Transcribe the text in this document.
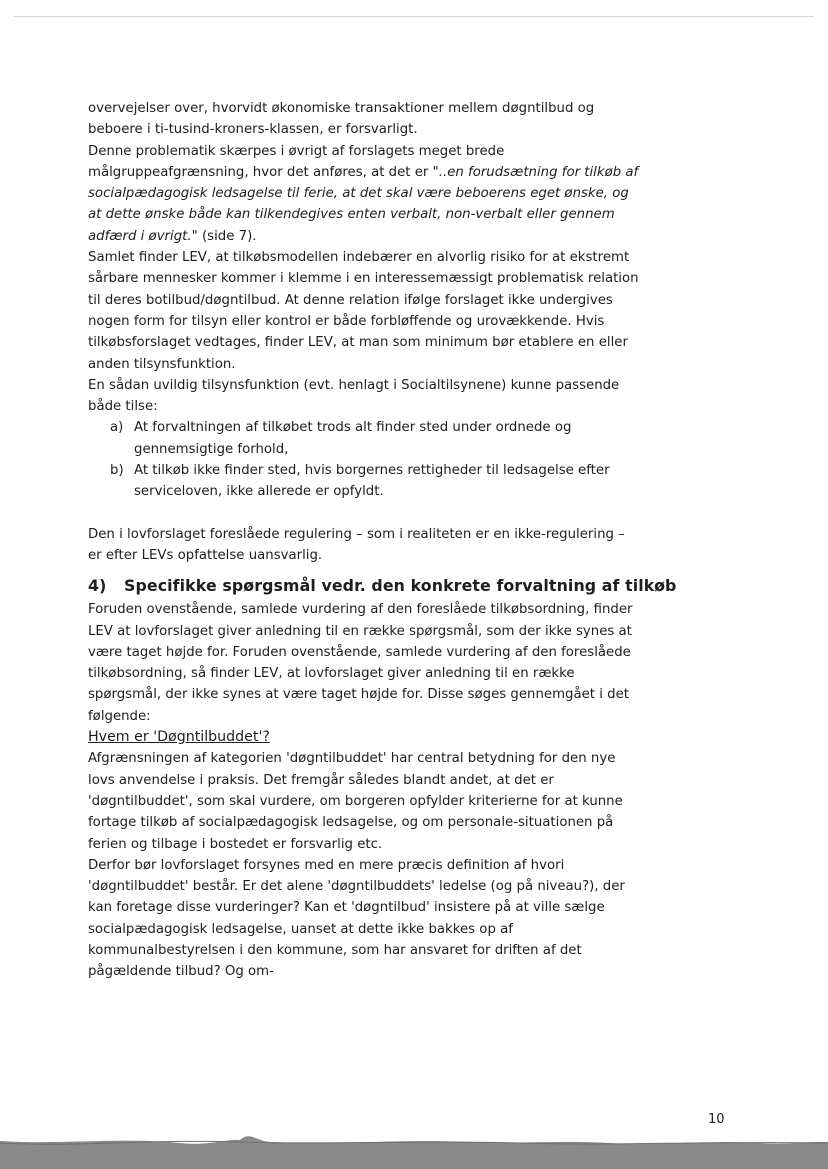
overvejelser over, hvorvidt økonomiske transaktioner mellem døgntilbud og beboere i ti-tusind-kroners-klassen, er forsvarligt.

Denne problematik skærpes i øvrigt af forslagets meget brede målgruppeafgrænsning, hvor det anføres, at det er "..en forudsætning for tilkøb af socialpædagogisk ledsagelse til ferie, at det skal være beboerens eget ønske, og at dette ønske både kan tilkendegives enten verbalt, non-verbalt eller gennem adfærd i øvrigt." (side 7).

Samlet finder LEV, at tilkøbsmodellen indebærer en alvorlig risiko for at ekstremt sårbare mennesker kommer i klemme i en interessemæssigt problematisk relation til deres botilbud/døgntilbud. At denne relation ifølge forslaget ikke undergives nogen form for tilsyn eller kontrol er både forbløffende og urovækkende. Hvis tilkøbsforslaget vedtages, finder LEV, at man som minimum bør etablere en eller anden tilsynsfunktion.

En sådan uvildig tilsynsfunktion (evt. henlagt i Socialtilsynene) kunne passende både tilse:

a) At forvaltningen af tilkøbet trods alt finder sted under ordnede og gennemsigtige forhold,
b) At tilkøb ikke finder sted, hvis borgernes rettigheder til ledsagelse efter serviceloven, ikke allerede er opfyldt.

Den i lovforslaget foreslåede regulering – som i realiteten er en ikke-regulering – er efter LEVs opfattelse uansvarlig.

4) Specifikke spørgsmål vedr. den konkrete forvaltning af tilkøb

Foruden ovenstående, samlede vurdering af den foreslåede tilkøbsordning, finder LEV at lovforslaget giver anledning til en række spørgsmål, som der ikke synes at være taget højde for. Foruden ovenstående, samlede vurdering af den foreslåede tilkøbsordning, så finder LEV, at lovforslaget giver anledning til en række spørgsmål, der ikke synes at være taget højde for. Disse søges gennemgået i det følgende:

Hvem er 'Døgntilbuddet'?

Afgrænsningen af kategorien 'døgntilbuddet' har central betydning for den nye lovs anvendelse i praksis. Det fremgår således blandt andet, at det er 'døgntilbuddet', som skal vurdere, om borgeren opfylder kriterierne for at kunne fortage tilkøb af socialpædagogisk ledsagelse, og om personale-situationen på ferien og tilbage i bostedet er forsvarlig etc.

Derfor bør lovforslaget forsynes med en mere præcis definition af hvori 'døgntilbuddet' består. Er det alene 'døgntilbuddets' ledelse (og på niveau?), der kan foretage disse vurderinger? Kan et 'døgntilbud' insistere på at ville sælge socialpædagogisk ledsagelse, uanset at dette ikke bakkes op af kommunalbestyrelsen i den kommune, som har ansvaret for driften af det pågældende tilbud? Og om-

10
